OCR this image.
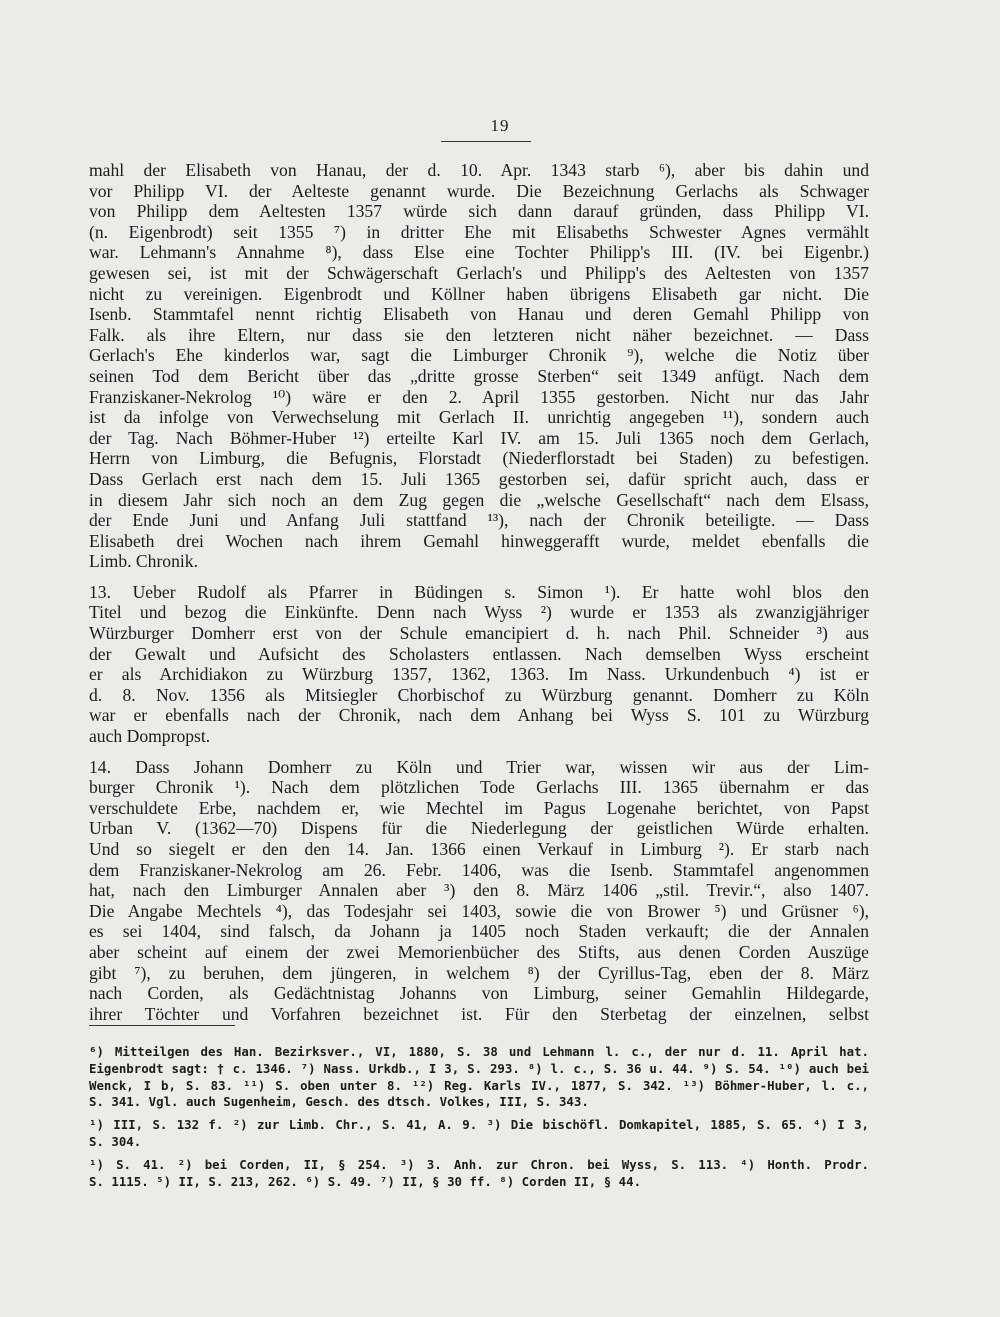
19
mahl der Elisabeth von Hanau, der d. 10. Apr. 1343 starb ⁶), aber bis dahin und
vor Philipp VI. der Aelteste genannt wurde. Die Bezeichnung Gerlachs als Schwager
von Philipp dem Aeltesten 1357 würde sich dann darauf gründen, dass Philipp VI.
(n. Eigenbrodt) seit 1355 ⁷) in dritter Ehe mit Elisabeths Schwester Agnes vermählt
war. Lehmann's Annahme ⁸), dass Else eine Tochter Philipp's III. (IV. bei Eigenbr.)
gewesen sei, ist mit der Schwägerschaft Gerlach's und Philipp's des Aeltesten von 1357
nicht zu vereinigen. Eigenbrodt und Köllner haben übrigens Elisabeth gar nicht. Die
Isenb. Stammtafel nennt richtig Elisabeth von Hanau und deren Gemahl Philipp von
Falk. als ihre Eltern, nur dass sie den letzteren nicht näher bezeichnet. — Dass
Gerlach's Ehe kinderlos war, sagt die Limburger Chronik ⁹), welche die Notiz über
seinen Tod dem Bericht über das „dritte grosse Sterben“ seit 1349 anfügt. Nach dem
Franziskaner-Nekrolog ¹⁰) wäre er den 2. April 1355 gestorben. Nicht nur das Jahr
ist da infolge von Verwechselung mit Gerlach II. unrichtig angegeben ¹¹), sondern auch
der Tag. Nach Böhmer-Huber ¹²) erteilte Karl IV. am 15. Juli 1365 noch dem Gerlach,
Herrn von Limburg, die Befugnis, Florstadt (Niederflorstadt bei Staden) zu befestigen.
Dass Gerlach erst nach dem 15. Juli 1365 gestorben sei, dafür spricht auch, dass er
in diesem Jahr sich noch an dem Zug gegen die „welsche Gesellschaft“ nach dem Elsass,
der Ende Juni und Anfang Juli stattfand ¹³), nach der Chronik beteiligte. — Dass
Elisabeth drei Wochen nach ihrem Gemahl hinweggerafft wurde, meldet ebenfalls die
Limb. Chronik.
13. Ueber Rudolf als Pfarrer in Büdingen s. Simon ¹). Er hatte wohl blos den
Titel und bezog die Einkünfte. Denn nach Wyss ²) wurde er 1353 als zwanzigjähriger
Würzburger Domherr erst von der Schule emancipiert d. h. nach Phil. Schneider ³) aus
der Gewalt und Aufsicht des Scholasters entlassen. Nach demselben Wyss erscheint
er als Archidiakon zu Würzburg 1357, 1362, 1363. Im Nass. Urkundenbuch ⁴) ist er
d. 8. Nov. 1356 als Mitsiegler Chorbischof zu Würzburg genannt. Domherr zu Köln
war er ebenfalls nach der Chronik, nach dem Anhang bei Wyss S. 101 zu Würzburg
auch Dompropst.
14. Dass Johann Domherr zu Köln und Trier war, wissen wir aus der Lim-
burger Chronik ¹). Nach dem plötzlichen Tode Gerlachs III. 1365 übernahm er das
verschuldete Erbe, nachdem er, wie Mechtel im Pagus Logenahe berichtet, von Papst
Urban V. (1362—70) Dispens für die Niederlegung der geistlichen Würde erhalten.
Und so siegelt er den den 14. Jan. 1366 einen Verkauf in Limburg ²). Er starb nach
dem Franziskaner-Nekrolog am 26. Febr. 1406, was die Isenb. Stammtafel angenommen
hat, nach den Limburger Annalen aber ³) den 8. März 1406 „stil. Trevir.“, also 1407.
Die Angabe Mechtels ⁴), das Todesjahr sei 1403, sowie die von Brower ⁵) und Grüsner ⁶),
es sei 1404, sind falsch, da Johann ja 1405 noch Staden verkauft; die der Annalen
aber scheint auf einem der zwei Memorienbücher des Stifts, aus denen Corden Auszüge
gibt ⁷), zu beruhen, dem jüngeren, in welchem ⁸) der Cyrillus-Tag, eben der 8. März
nach Corden, als Gedächtnistag Johanns von Limburg, seiner Gemahlin Hildegarde,
ihrer Töchter und Vorfahren bezeichnet ist. Für den Sterbetag der einzelnen, selbst
⁶) Mitteilgen des Han. Bezirksver., VI, 1880, S. 38 und Lehmann l. c., der nur d. 11. April hat.
Eigenbrodt sagt: † c. 1346. ⁷) Nass. Urkdb., I 3, S. 293. ⁸) l. c., S. 36 u. 44. ⁹) S. 54. ¹⁰) auch bei
Wenck, I b, S. 83. ¹¹) S. oben unter 8. ¹²) Reg. Karls IV., 1877, S. 342. ¹³) Böhmer-Huber, l. c.,
S. 341. Vgl. auch Sugenheim, Gesch. des dtsch. Volkes, III, S. 343.
¹) III, S. 132 f. ²) zur Limb. Chr., S. 41, A. 9. ³) Die bischöfl. Domkapitel, 1885, S. 65. ⁴) I 3,
S. 304.
¹) S. 41. ²) bei Corden, II, § 254. ³) 3. Anh. zur Chron. bei Wyss, S. 113. ⁴) Honth. Prodr.
S. 1115. ⁵) II, S. 213, 262. ⁶) S. 49. ⁷) II, § 30 ff. ⁸) Corden II, § 44.
